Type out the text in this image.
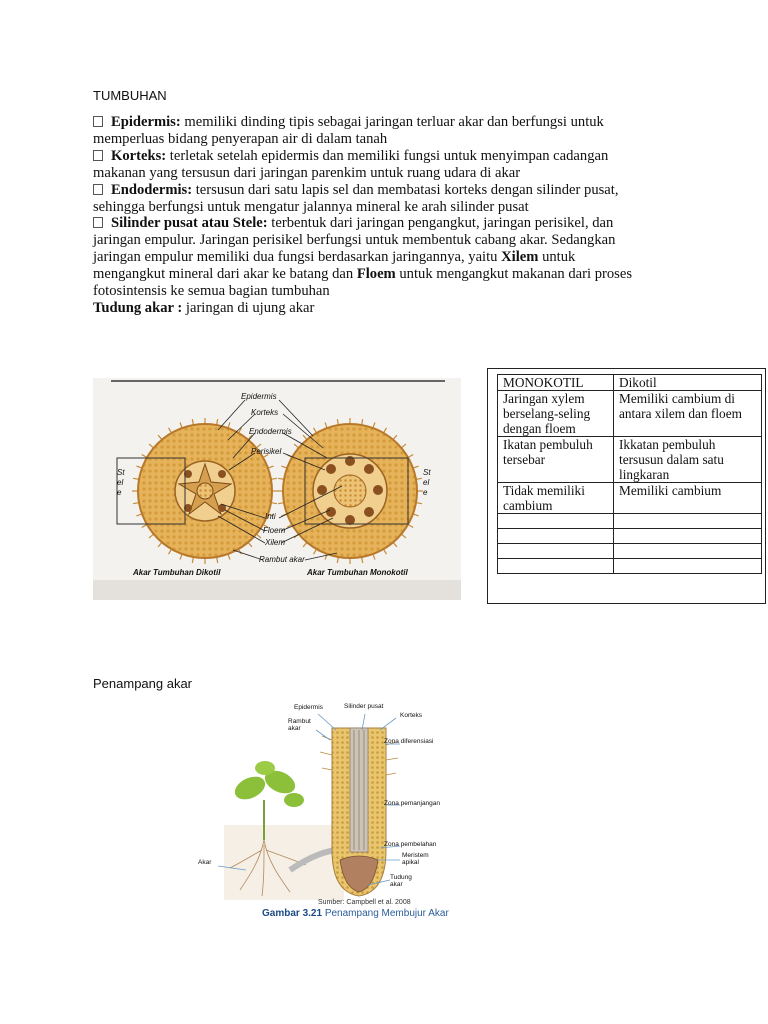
TUMBUHAN

Epidermis: memiliki dinding tipis sebagai jaringan terluar akar dan berfungsi untuk

memperluas bidang penyerapan air di dalam tanah

Korteks: terletak setelah epidermis dan memiliki fungsi untuk menyimpan cadangan

makanan yang tersusun dari jaringan parenkim untuk ruang udara di akar

Endodermis: tersusun dari satu lapis sel dan membatasi korteks dengan silinder pusat,

sehingga berfungsi untuk mengatur jalannya mineral ke arah silinder pusat

Silinder pusat atau Stele: terbentuk dari jaringan pengangkut, jaringan perisikel, dan

jaringan empulur. Jaringan perisikel berfungsi untuk membentuk cabang akar. Sedangkan

jaringan empulur memiliki dua fungsi berdasarkan jaringannya, yaitu Xilem untuk

mengangkut mineral dari akar ke batang dan Floem untuk mengangkut makanan dari proses

fotosintensis ke semua bagian tumbuhan

Tudung akar : jaringan di ujung akar

Epidermis
Korteks
Endodermis
Perisikel
Inti
Floem
Xilem
Rambut akar
Stele
Stele
Akar Tumbuhan Dikotil	Akar Tumbuhan Monokotil
MONOKOTIL	Dikotil
Jaringan xylem berselang-seling dengan floem	Memiliki cambium di antara xilem dan floem
Ikatan pembuluh tersebar	Ikkatan pembuluh tersusun dalam satu lingkaran
Tidak memiliki cambium	Memiliki cambium

Penampang akar
Epidermis	Silinder pusat
Korteks
Rambut akar
Zona diferensiasi
Zona pemanjangan
Zona pembelahan
Meristem apikal
Tudung akar
Akar
Sumber: Campbell et al. 2008
Gambar 3.21 Penampang Membujur Akar
